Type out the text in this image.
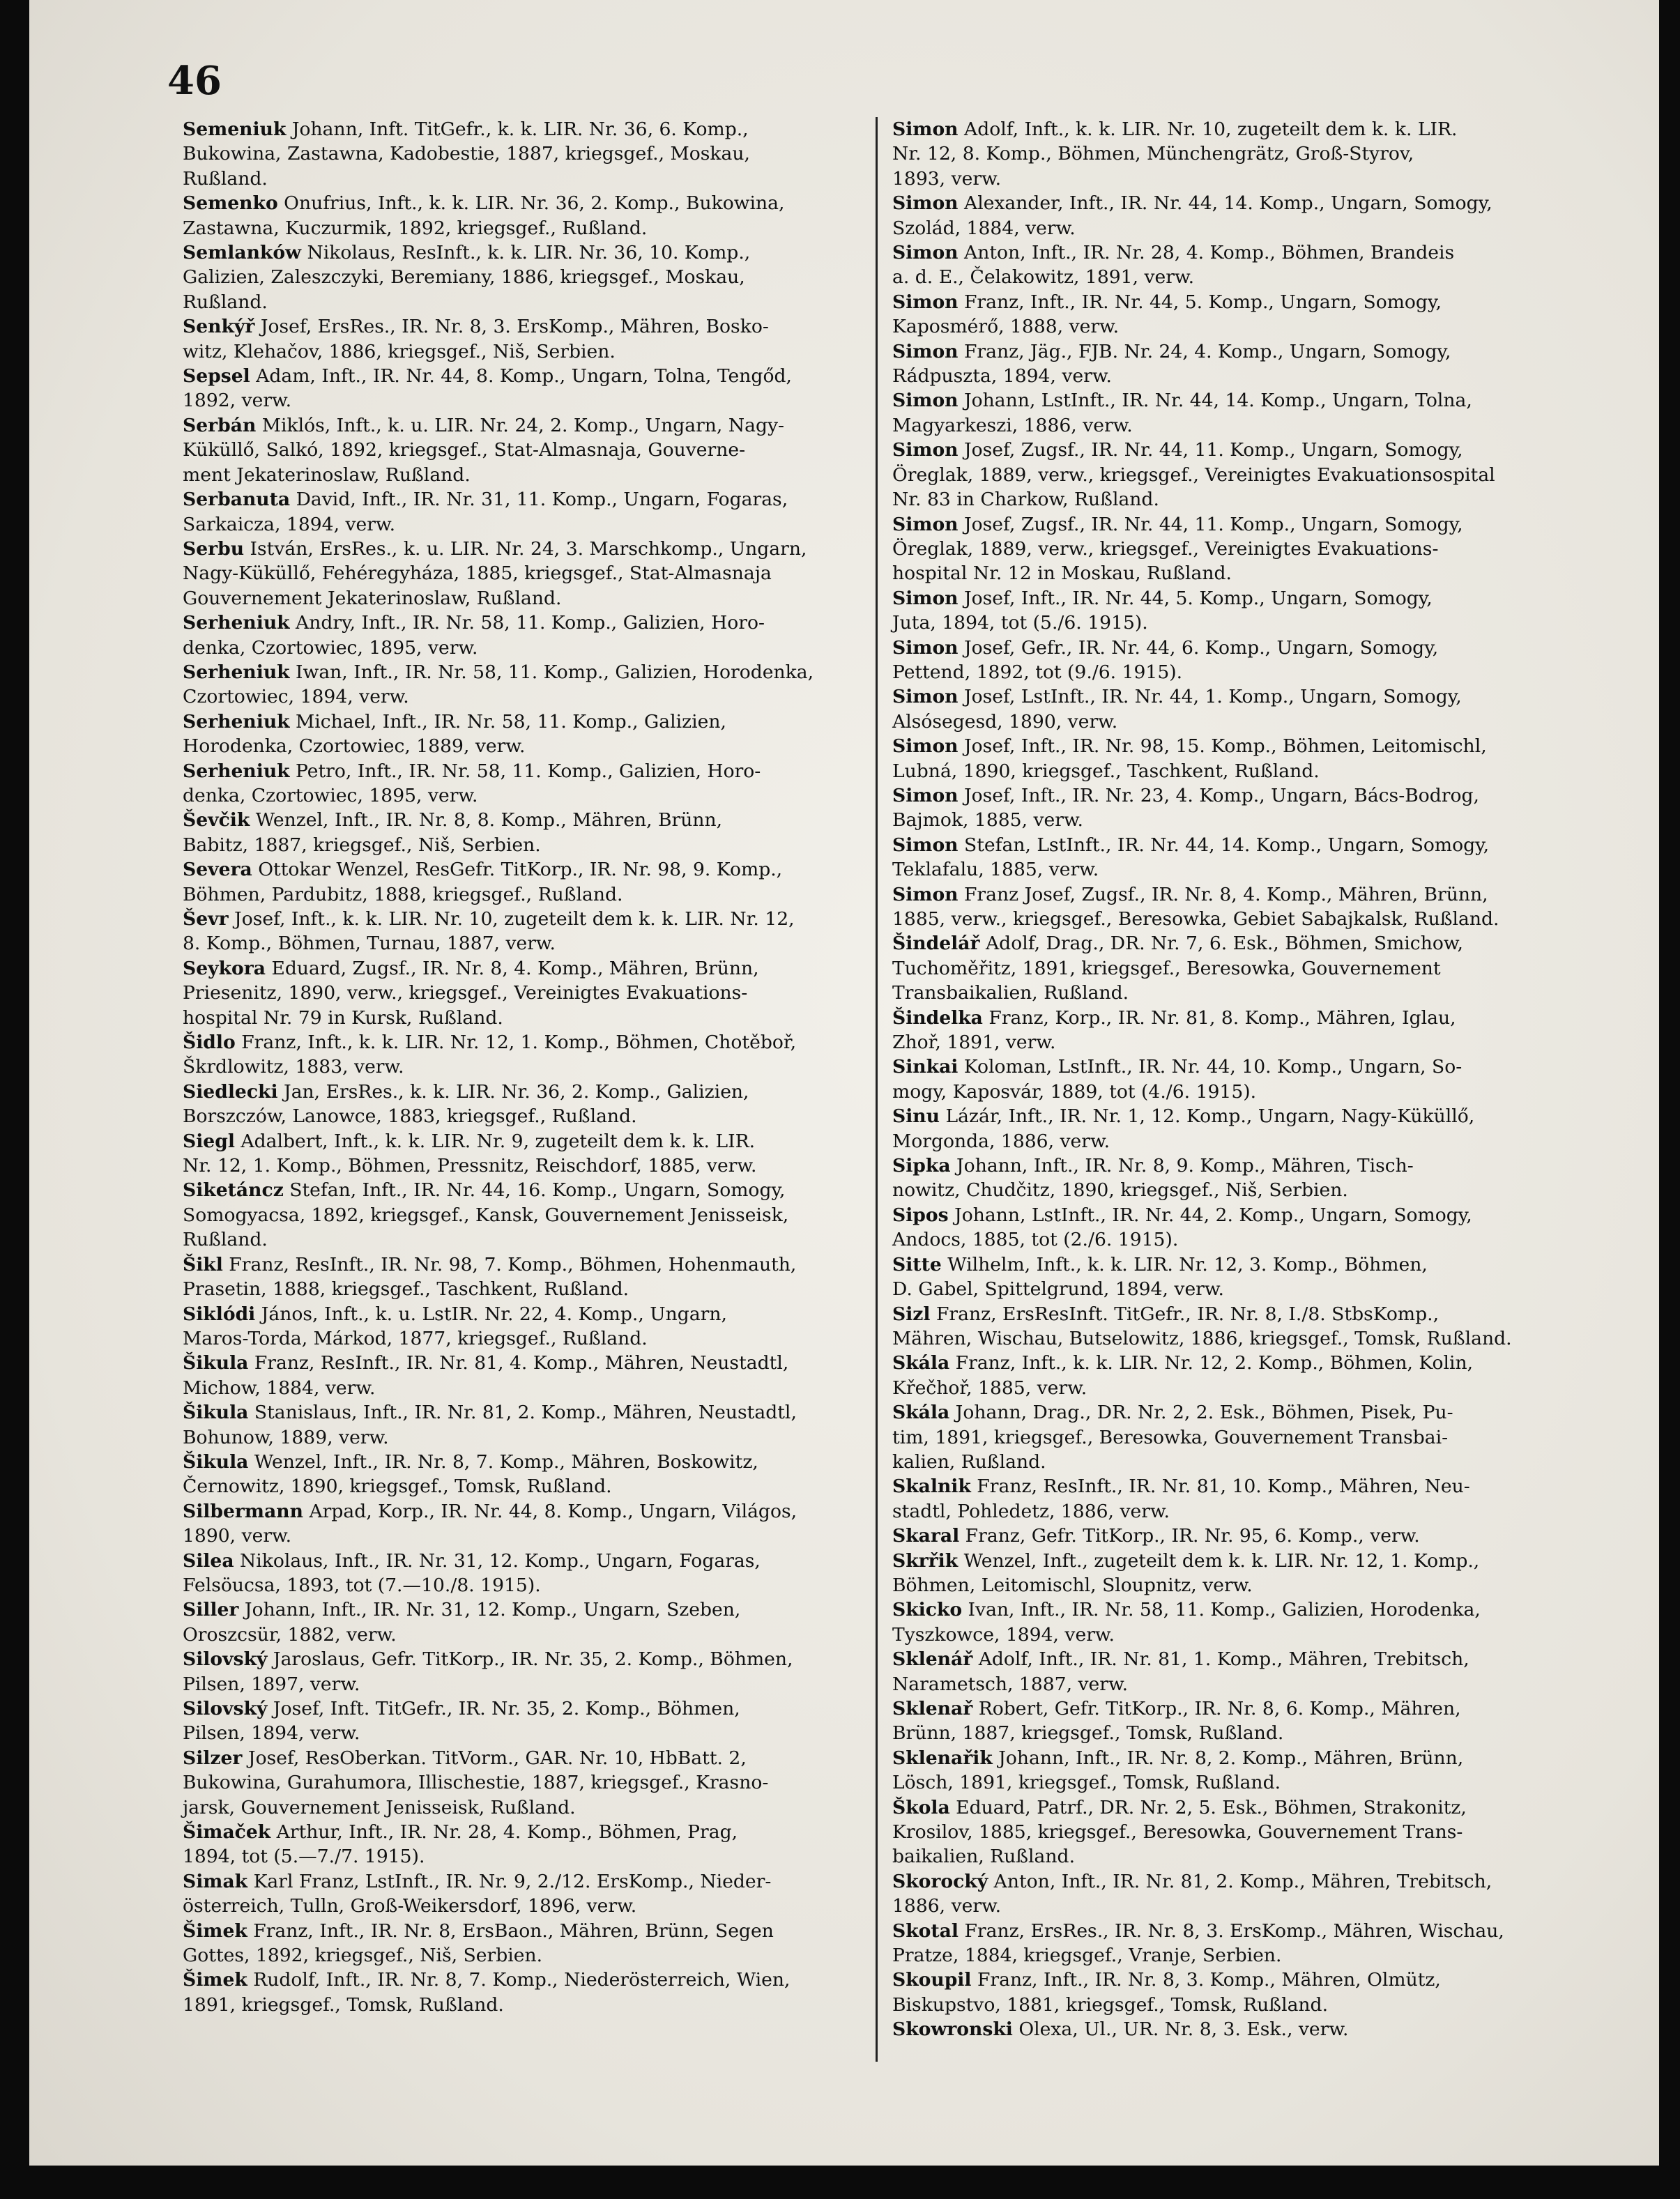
46
Semeniuk Johann, Inft. TitGefr., k. k. LIR. Nr. 36, 6. Komp.,
Bukowina, Zastawna, Kadobestie, 1887, kriegsgef., Moskau,
Rußland.
Semenko Onufrius, Inft., k. k. LIR. Nr. 36, 2. Komp., Bukowina,
Zastawna, Kuczurmik, 1892, kriegsgef., Rußland.
Semlanków Nikolaus, ResInft., k. k. LIR. Nr. 36, 10. Komp.,
Galizien, Zaleszczyki, Beremiany, 1886, kriegsgef., Moskau,
Rußland.
Senkýř Josef, ErsRes., IR. Nr. 8, 3. ErsKomp., Mähren, Bosko-
witz, Klehačov, 1886, kriegsgef., Niš, Serbien.
Sepsel Adam, Inft., IR. Nr. 44, 8. Komp., Ungarn, Tolna, Tengőd,
1892, verw.
Serbán Miklós, Inft., k. u. LIR. Nr. 24, 2. Komp., Ungarn, Nagy-
Küküllő, Salkó, 1892, kriegsgef., Stat-Almasnaja, Gouverne-
ment Jekaterinoslaw, Rußland.
Serbanuta David, Inft., IR. Nr. 31, 11. Komp., Ungarn, Fogaras,
Sarkaicza, 1894, verw.
Serbu István, ErsRes., k. u. LIR. Nr. 24, 3. Marschkomp., Ungarn,
Nagy-Küküllő, Fehéregyháza, 1885, kriegsgef., Stat-Almasnaja
Gouvernement Jekaterinoslaw, Rußland.
Serheniuk Andry, Inft., IR. Nr. 58, 11. Komp., Galizien, Horo-
denka, Czortowiec, 1895, verw.
Serheniuk Iwan, Inft., IR. Nr. 58, 11. Komp., Galizien, Horodenka,
Czortowiec, 1894, verw.
Serheniuk Michael, Inft., IR. Nr. 58, 11. Komp., Galizien,
Horodenka, Czortowiec, 1889, verw.
Serheniuk Petro, Inft., IR. Nr. 58, 11. Komp., Galizien, Horo-
denka, Czortowiec, 1895, verw.
Ševčik Wenzel, Inft., IR. Nr. 8, 8. Komp., Mähren, Brünn,
Babitz, 1887, kriegsgef., Niš, Serbien.
Severa Ottokar Wenzel, ResGefr. TitKorp., IR. Nr. 98, 9. Komp.,
Böhmen, Pardubitz, 1888, kriegsgef., Rußland.
Ševr Josef, Inft., k. k. LIR. Nr. 10, zugeteilt dem k. k. LIR. Nr. 12,
8. Komp., Böhmen, Turnau, 1887, verw.
Seykora Eduard, Zugsf., IR. Nr. 8, 4. Komp., Mähren, Brünn,
Priesenitz, 1890, verw., kriegsgef., Vereinigtes Evakuations-
hospital Nr. 79 in Kursk, Rußland.
Šidlo Franz, Inft., k. k. LIR. Nr. 12, 1. Komp., Böhmen, Chotěboř,
Škrdlowitz, 1883, verw.
Siedlecki Jan, ErsRes., k. k. LIR. Nr. 36, 2. Komp., Galizien,
Borszczów, Lanowce, 1883, kriegsgef., Rußland.
Siegl Adalbert, Inft., k. k. LIR. Nr. 9, zugeteilt dem k. k. LIR.
Nr. 12, 1. Komp., Böhmen, Pressnitz, Reischdorf, 1885, verw.
Siketáncz Stefan, Inft., IR. Nr. 44, 16. Komp., Ungarn, Somogy,
Somogyacsa, 1892, kriegsgef., Kansk, Gouvernement Jenisseisk,
Rußland.
Šikl Franz, ResInft., IR. Nr. 98, 7. Komp., Böhmen, Hohenmauth,
Prasetin, 1888, kriegsgef., Taschkent, Rußland.
Siklódi János, Inft., k. u. LstIR. Nr. 22, 4. Komp., Ungarn,
Maros-Torda, Márkod, 1877, kriegsgef., Rußland.
Šikula Franz, ResInft., IR. Nr. 81, 4. Komp., Mähren, Neustadtl,
Michow, 1884, verw.
Šikula Stanislaus, Inft., IR. Nr. 81, 2. Komp., Mähren, Neustadtl,
Bohunow, 1889, verw.
Šikula Wenzel, Inft., IR. Nr. 8, 7. Komp., Mähren, Boskowitz,
Černowitz, 1890, kriegsgef., Tomsk, Rußland.
Silbermann Arpad, Korp., IR. Nr. 44, 8. Komp., Ungarn, Világos,
1890, verw.
Silea Nikolaus, Inft., IR. Nr. 31, 12. Komp., Ungarn, Fogaras,
Felsöucsa, 1893, tot (7.—10./8. 1915).
Siller Johann, Inft., IR. Nr. 31, 12. Komp., Ungarn, Szeben,
Oroszcsür, 1882, verw.
Silovský Jaroslaus, Gefr. TitKorp., IR. Nr. 35, 2. Komp., Böhmen,
Pilsen, 1897, verw.
Silovský Josef, Inft. TitGefr., IR. Nr. 35, 2. Komp., Böhmen,
Pilsen, 1894, verw.
Silzer Josef, ResOberkan. TitVorm., GAR. Nr. 10, HbBatt. 2,
Bukowina, Gurahumora, Illischestie, 1887, kriegsgef., Krasno-
jarsk, Gouvernement Jenisseisk, Rußland.
Šimaček Arthur, Inft., IR. Nr. 28, 4. Komp., Böhmen, Prag,
1894, tot (5.—7./7. 1915).
Simak Karl Franz, LstInft., IR. Nr. 9, 2./12. ErsKomp., Nieder-
österreich, Tulln, Groß-Weikersdorf, 1896, verw.
Šimek Franz, Inft., IR. Nr. 8, ErsBaon., Mähren, Brünn, Segen
Gottes, 1892, kriegsgef., Niš, Serbien.
Šimek Rudolf, Inft., IR. Nr. 8, 7. Komp., Niederösterreich, Wien,
1891, kriegsgef., Tomsk, Rußland.
Simon Adolf, Inft., k. k. LIR. Nr. 10, zugeteilt dem k. k. LIR.
Nr. 12, 8. Komp., Böhmen, Münchengrätz, Groß-Styrov,
1893, verw.
Simon Alexander, Inft., IR. Nr. 44, 14. Komp., Ungarn, Somogy,
Szolád, 1884, verw.
Simon Anton, Inft., IR. Nr. 28, 4. Komp., Böhmen, Brandeis
a. d. E., Čelakowitz, 1891, verw.
Simon Franz, Inft., IR. Nr. 44, 5. Komp., Ungarn, Somogy,
Kaposmérő, 1888, verw.
Simon Franz, Jäg., FJB. Nr. 24, 4. Komp., Ungarn, Somogy,
Rádpuszta, 1894, verw.
Simon Johann, LstInft., IR. Nr. 44, 14. Komp., Ungarn, Tolna,
Magyarkeszi, 1886, verw.
Simon Josef, Zugsf., IR. Nr. 44, 11. Komp., Ungarn, Somogy,
Öreglak, 1889, verw., kriegsgef., Vereinigtes Evakuationsospital
Nr. 83 in Charkow, Rußland.
Simon Josef, Zugsf., IR. Nr. 44, 11. Komp., Ungarn, Somogy,
Öreglak, 1889, verw., kriegsgef., Vereinigtes Evakuations-
hospital Nr. 12 in Moskau, Rußland.
Simon Josef, Inft., IR. Nr. 44, 5. Komp., Ungarn, Somogy,
Juta, 1894, tot (5./6. 1915).
Simon Josef, Gefr., IR. Nr. 44, 6. Komp., Ungarn, Somogy,
Pettend, 1892, tot (9./6. 1915).
Simon Josef, LstInft., IR. Nr. 44, 1. Komp., Ungarn, Somogy,
Alsósegesd, 1890, verw.
Simon Josef, Inft., IR. Nr. 98, 15. Komp., Böhmen, Leitomischl,
Lubná, 1890, kriegsgef., Taschkent, Rußland.
Simon Josef, Inft., IR. Nr. 23, 4. Komp., Ungarn, Bács-Bodrog,
Bajmok, 1885, verw.
Simon Stefan, LstInft., IR. Nr. 44, 14. Komp., Ungarn, Somogy,
Teklafalu, 1885, verw.
Simon Franz Josef, Zugsf., IR. Nr. 8, 4. Komp., Mähren, Brünn,
1885, verw., kriegsgef., Beresowka, Gebiet Sabajkalsk, Rußland.
Šindelář Adolf, Drag., DR. Nr. 7, 6. Esk., Böhmen, Smichow,
Tuchoměřitz, 1891, kriegsgef., Beresowka, Gouvernement
Transbaikalien, Rußland.
Šindelka Franz, Korp., IR. Nr. 81, 8. Komp., Mähren, Iglau,
Zhoř, 1891, verw.
Sinkai Koloman, LstInft., IR. Nr. 44, 10. Komp., Ungarn, So-
mogy, Kaposvár, 1889, tot (4./6. 1915).
Sinu Lázár, Inft., IR. Nr. 1, 12. Komp., Ungarn, Nagy-Küküllő,
Morgonda, 1886, verw.
Sipka Johann, Inft., IR. Nr. 8, 9. Komp., Mähren, Tisch-
nowitz, Chudčitz, 1890, kriegsgef., Niš, Serbien.
Sipos Johann, LstInft., IR. Nr. 44, 2. Komp., Ungarn, Somogy,
Andocs, 1885, tot (2./6. 1915).
Sitte Wilhelm, Inft., k. k. LIR. Nr. 12, 3. Komp., Böhmen,
D. Gabel, Spittelgrund, 1894, verw.
Sizl Franz, ErsResInft. TitGefr., IR. Nr. 8, I./8. StbsKomp.,
Mähren, Wischau, Butselowitz, 1886, kriegsgef., Tomsk, Rußland.
Skála Franz, Inft., k. k. LIR. Nr. 12, 2. Komp., Böhmen, Kolin,
Křečhoř, 1885, verw.
Skála Johann, Drag., DR. Nr. 2, 2. Esk., Böhmen, Pisek, Pu-
tim, 1891, kriegsgef., Beresowka, Gouvernement Transbai-
kalien, Rußland.
Skalnik Franz, ResInft., IR. Nr. 81, 10. Komp., Mähren, Neu-
stadtl, Pohledetz, 1886, verw.
Skaral Franz, Gefr. TitKorp., IR. Nr. 95, 6. Komp., verw.
Skrřik Wenzel, Inft., zugeteilt dem k. k. LIR. Nr. 12, 1. Komp.,
Böhmen, Leitomischl, Sloupnitz, verw.
Skicko Ivan, Inft., IR. Nr. 58, 11. Komp., Galizien, Horodenka,
Tyszkowce, 1894, verw.
Sklenář Adolf, Inft., IR. Nr. 81, 1. Komp., Mähren, Trebitsch,
Narametsch, 1887, verw.
Sklenař Robert, Gefr. TitKorp., IR. Nr. 8, 6. Komp., Mähren,
Brünn, 1887, kriegsgef., Tomsk, Rußland.
Sklenařik Johann, Inft., IR. Nr. 8, 2. Komp., Mähren, Brünn,
Lösch, 1891, kriegsgef., Tomsk, Rußland.
Škola Eduard, Patrf., DR. Nr. 2, 5. Esk., Böhmen, Strakonitz,
Krosilov, 1885, kriegsgef., Beresowka, Gouvernement Trans-
baikalien, Rußland.
Skorocký Anton, Inft., IR. Nr. 81, 2. Komp., Mähren, Trebitsch,
1886, verw.
Skotal Franz, ErsRes., IR. Nr. 8, 3. ErsKomp., Mähren, Wischau,
Pratze, 1884, kriegsgef., Vranje, Serbien.
Skoupil Franz, Inft., IR. Nr. 8, 3. Komp., Mähren, Olmütz,
Biskupstvo, 1881, kriegsgef., Tomsk, Rußland.
Skowronski Olexa, Ul., UR. Nr. 8, 3. Esk., verw.
